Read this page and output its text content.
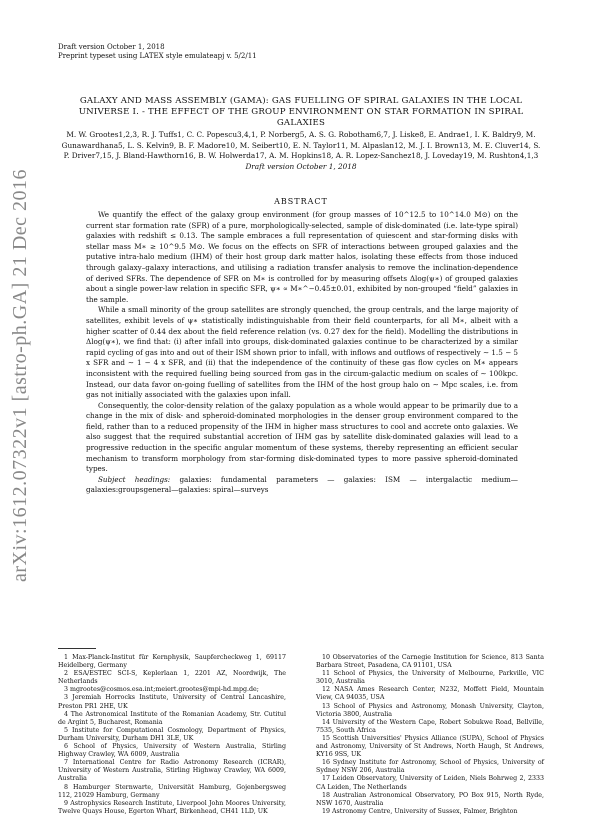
arXiv:1612.07322v1 [astro-ph.GA] 21 Dec 2016
Draft version October 1, 2018
Preprint typeset using LATEX style emulateapj v. 5/2/11
GALAXY AND MASS ASSEMBLY (GAMA): GAS FUELLING OF SPIRAL GALAXIES IN THE LOCAL UNIVERSE I. - THE EFFECT OF THE GROUP ENVIRONMENT ON STAR FORMATION IN SPIRAL GALAXIES
M. W. Grootes1,2,3, R. J. Tuffs1, C. C. Popescu3,4,1, P. Norberg5, A. S. G. Robotham6,7, J. Liske8, E. Andrae1, I. K. Baldry9, M. Gunawardhana5, L. S. Kelvin9, B. F. Madore10, M. Seibert10, E. N. Taylor11, M. Alpaslan12, M. J. I. Brown13, M. E. Cluver14, S. P. Driver7,15, J. Bland-Hawthorn16, B. W. Holwerda17, A. M. Hopkins18, A. R. Lopez-Sanchez18, J. Loveday19, M. Rushton4,1,3
Draft version October 1, 2018
ABSTRACT

We quantify the effect of the galaxy group environment (for group masses of 10^12.5 to 10^14.0 M⊙) on the current star formation rate (SFR) of a pure, morphologically-selected, sample of disk-dominated (i.e. late-type spiral) galaxies with redshift ≤ 0.13. The sample embraces a full representation of quiescent and star-forming disks with stellar mass M∗ ≥ 10^9.5 M⊙. We focus on the effects on SFR of interactions between grouped galaxies and the putative intra-halo medium (IHM) of their host group dark matter halos, isolating these effects from those induced through galaxy–galaxy interactions, and utilising a radiation transfer analysis to remove the inclination-dependence of derived SFRs. The dependence of SFR on M∗ is controlled for by measuring offsets Δlog(ψ∗) of grouped galaxies about a single power-law relation in specific SFR, ψ∗ ∝ M∗^−0.45±0.01, exhibited by non-grouped “field” galaxies in the sample.

While a small minority of the group satellites are strongly quenched, the group centrals, and the large majority of satellites, exhibit levels of ψ∗ statistically indistinguishable from their field counterparts, for all M∗, albeit with a higher scatter of 0.44 dex about the field reference relation (vs. 0.27 dex for the field). Modelling the distributions in Δlog(ψ∗), we find that: (i) after infall into groups, disk-dominated galaxies continue to be characterized by a similar rapid cycling of gas into and out of their ISM shown prior to infall, with inflows and outflows of respectively ∼ 1.5 − 5 x SFR and ∼ 1 − 4 x SFR, and (ii) that the independence of the continuity of these gas flow cycles on M∗ appears inconsistent with the required fuelling being sourced from gas in the circum-galactic medium on scales of ∼ 100kpc. Instead, our data favor on-going fuelling of satellites from the IHM of the host group halo on ∼ Mpc scales, i.e. from gas not initially associated with the galaxies upon infall.

Consequently, the color-density relation of the galaxy population as a whole would appear to be primarily due to a change in the mix of disk- and spheroid-dominated morphologies in the denser group environment compared to the field, rather than to a reduced propensity of the IHM in higher mass structures to cool and accrete onto galaxies. We also suggest that the required substantial accretion of IHM gas by satellite disk-dominated galaxies will lead to a progressive reduction in the specific angular momentum of these systems, thereby representing an efficient secular mechanism to transform morphology from star-forming disk-dominated types to more passive spheroid-dominated types.

Subject headings: galaxies: fundamental parameters — galaxies: ISM — intergalactic medium—galaxies:groupsgeneral—galaxies: spiral—surveys

1 Max-Planck-Institut für Kernphysik, Saupfercheckweg 1, 69117 Heidelberg, Germany

2 ESA/ESTEC SCI-S, Keplerlaan 1, 2201 AZ, Noordwijk, The Netherlands

3 mgrootes@cosmos.esa.int;meiert.grootes@mpi-hd.mpg.de;

3 Jeremiah Horrocks Institute, University of Central Lancashire, Preston PR1 2HE, UK

4 The Astronomical Institute of the Romanian Academy, Str. Cutitul de Argint 5, Bucharest, Romania

5 Institute for Computational Cosmology, Department of Physics, Durham University, Durham DH1 3LE, UK

6 School of Physics, University of Western Australia, Stirling Highway Crawley, WA 6009, Australia

7 International Centre for Radio Astronomy Research (ICRAR), University of Western Australia, Stirling Highway Crawley, WA 6009, Australia

8 Hamburger Sternwarte, Universität Hamburg, Gojenbergsweg 112, 21029 Hamburg, Germany

9 Astrophysics Research Institute, Liverpool John Moores University, Twelve Quays House, Egerton Wharf, Birkenhead, CH41 1LD, UK

10 Observatories of the Carnegie Institution for Science, 813 Santa Barbara Street, Pasadena, CA 91101, USA

11 School of Physics, the University of Melbourne, Parkville, VIC 3010, Australia

12 NASA Ames Research Center, N232, Moffett Field, Mountain View, CA 94035, USA

13 School of Physics and Astronomy, Monash University, Clayton, Victoria 3800, Australia

14 University of the Western Cape, Robert Sobukwe Road, Bellville, 7535, South Africa

15 Scottish Universities' Physics Alliance (SUPA), School of Physics and Astronomy, University of St Andrews, North Haugh, St Andrews, KY16 9SS, UK

16 Sydney Institute for Astronomy, School of Physics, University of Sydney NSW 206, Australia

17 Leiden Observatory, University of Leiden, Niels Bohrweg 2, 2333 CA Leiden, The Netherlands

18 Australian Astronomical Observatory, PO Box 915, North Ryde, NSW 1670, Australia

19 Astronomy Centre, University of Sussex, Falmer, Brighton
